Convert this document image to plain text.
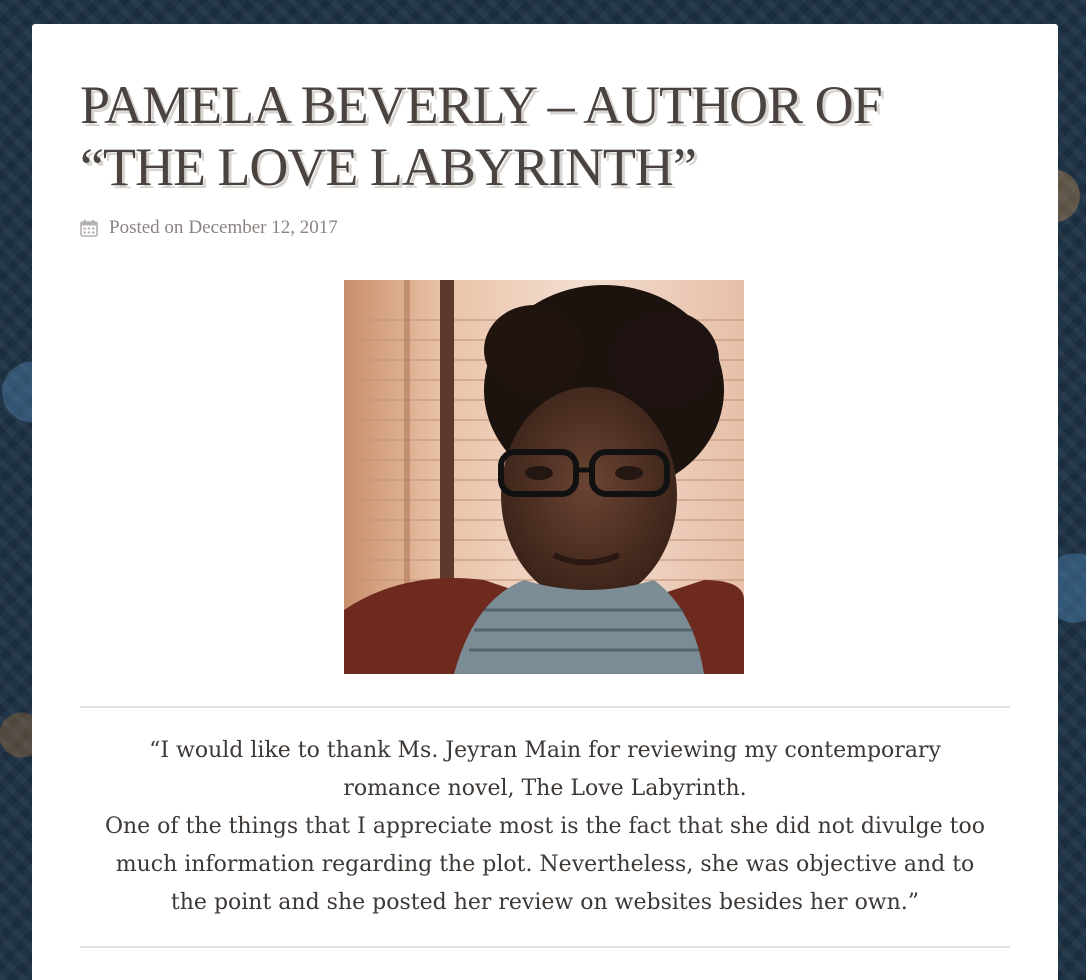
PAMELA BEVERLY – AUTHOR OF
“THE LOVE LABYRINTH”
Posted on December 12, 2017

“I would like to thank Ms. Jeyran Main for reviewing my contemporary
romance novel, The Love Labyrinth.
One of the things that I appreciate most is the fact that she did not divulge too
much information regarding the plot. Nevertheless, she was objective and to
the point and she posted her review on websites besides her own.”
